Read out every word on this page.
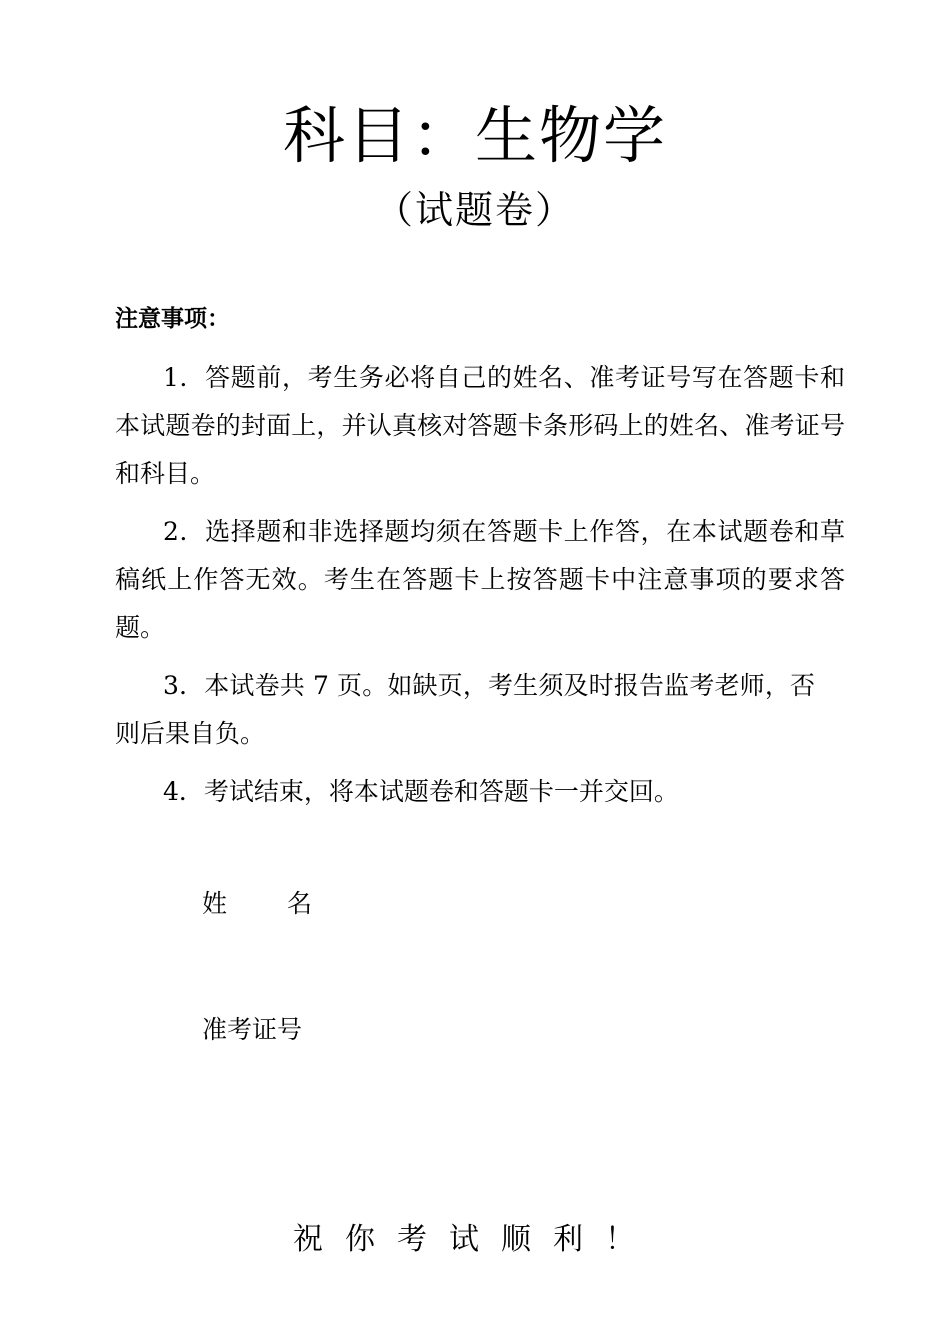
科目：生物学
（试题卷）
注意事项：

1．答题前，考生务必将自己的姓名、准考证号写在答题卡和本试题卷的封面上，并认真核对答题卡条形码上的姓名、准考证号和科目。

2．选择题和非选择题均须在答题卡上作答，在本试题卷和草稿纸上作答无效。考生在答题卡上按答题卡中注意事项的要求答题。

3．本试卷共 7 页。如缺页，考生须及时报告监考老师，否则后果自负。

4．考试结束，将本试题卷和答题卡一并交回。

姓名
准考证号
祝你考试顺利！
